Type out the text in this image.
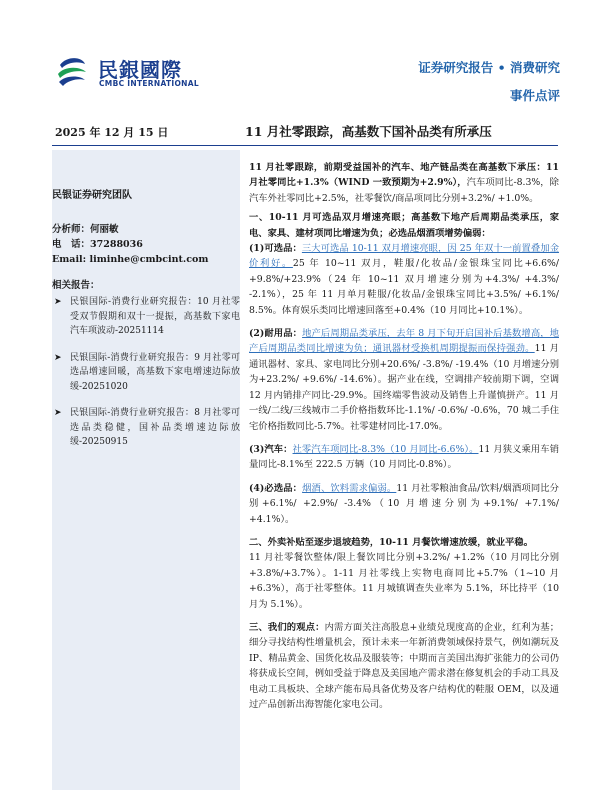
民銀國際
CMBC INTERNATIONAL
证券研究报告 • 消费研究
事件点评
2025 年 12 月 15 日	11 月社零跟踪，高基数下国补品类有所承压
民银证券研究团队
分析师：何丽敏
电　话：37288036
Email: liminhe@cmbcint.com
相关报告：
➤ 民银国际-消费行业研究报告：10 月社零受双节假期和双十一提振，高基数下家电汽车项波动-20251114
➤ 民银国际-消费行业研究报告：9 月社零可选品增速回暖，高基数下家电增速边际放缓-20251020
➤ 民银国际-消费行业研究报告：8 月社零可选品类稳健，国补品类增速边际放缓-20250915

11 月社零跟踪，前期受益国补的汽车、地产链品类在高基数下承压：11 月社零同比+1.3%（WIND 一致预期为+2.9%），汽车项同比-8.3%，除汽车外社零同比+2.5%，社零餐饮/商品项同比分别+3.2%/ +1.0%。

一、10-11 月可选品双月增速亮眼；高基数下地产后周期品类承压，家电、家具、建材项同比增速为负；必选品烟酒项增势偏弱：
(1)可选品：三大可选品 10-11 双月增速亮眼，因 25 年双十一前置叠加金价利好。25 年 10~11 双月，鞋服/化妆品/金银珠宝同比+6.6%/ +9.8%/+23.9%（24 年 10~11 双月增速分别为+4.3%/ +4.3%/ -2.1%），25 年 11 月单月鞋服/化妆品/金银珠宝同比+3.5%/ +6.1%/ 8.5%。体育娱乐类同比增速回落至+0.4%（10 月同比+10.1%）。

(2)耐用品：地产后周期品类承压，去年 8 月下旬开启国补后基数增高，地产后周期品类同比增速为负；通讯器材受换机周期提振而保持强劲。11 月通讯器材、家具、家电同比分别+20.6%/ -3.8%/ -19.4%（10 月增速分别为+23.2%/ +9.6%/ -14.6%）。据产业在线，空调排产较前期下调，空调 12 月内销排产同比-29.9%。国终端零售波动及销售上升谨慎拼产。11 月一线/二线/三线城市二手价格指数环比-1.1%/ -0.6%/ -0.6%，70 城二手住宅价格指数同比-5.7%。社零建材同比-17.0%。

(3)汽车：社零汽车项同比-8.3%（10 月同比-6.6%）。11 月狭义乘用车销量同比-8.1%至 222.5 万辆（10 月同比-0.8%）。

(4)必选品：烟酒、饮料需求偏弱。11 月社零粮油食品/饮料/烟酒项同比分别+6.1%/ +2.9%/ -3.4%（10 月增速分别为+9.1%/ +7.1%/ +4.1%）。

二、外卖补贴至逐步退坡趋势，10-11 月餐饮增速放缓，就业平稳。
11 月社零餐饮整体/限上餐饮同比分别+3.2%/ +1.2%（10 月同比分别+3.8%/+3.7%）。1-11 月社零线上实物电商同比+5.7%（1~10 月+6.3%），高于社零整体。11 月城镇调查失业率为 5.1%，环比持平（10 月为 5.1%）。

三、我们的观点：内需方面关注高股息+业绩兑现度高的企业，红利为基；细分寻找结构性增量机会，预计未来一年新消费领域保持景气，例如潮玩及 IP、精品黄金、国货化妆品及服装等；中期而言美国出海扩张能力的公司仍将获成长空间，例如受益于降息及美国地产需求潜在修复机会的手动工具及电动工具板块、全球产能布局具备优势及客户结构优的鞋服 OEM，以及通过产品创新出海智能化家电公司。
